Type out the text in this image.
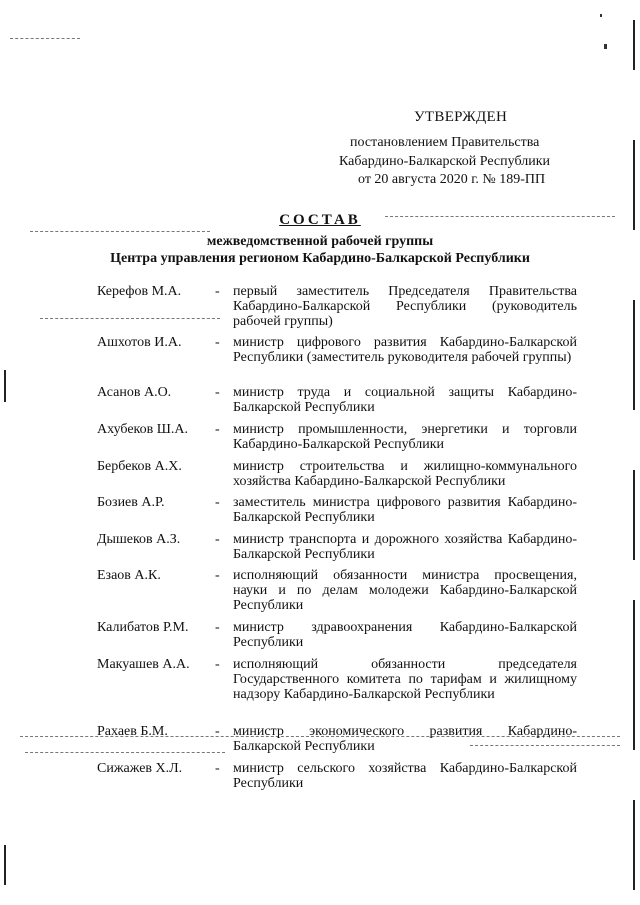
УТВЕРЖДЕН
постановлением Правительства
Кабардино-Балкарской Республики
от 20 августа 2020 г. № 189-ПП
СОСТАВ
межведомственной рабочей группы
Центра управления регионом Кабардино-Балкарской Республики
Керефов М.А. - первый заместитель Председателя Правительства Кабардино-Балкарской Республики (руководитель рабочей группы)
Ашхотов И.А. - министр цифрового развития Кабардино-Балкарской Республики (заместитель руководителя рабочей группы)
Асанов А.О.	- министр труда и социальной защиты Кабардино-Балкарской Республики
Ахубеков Ш.А. - министр промышленности, энергетики и торговли Кабардино-Балкарской Республики
Бербеков А.Х.	министр строительства и жилищно-коммунального хозяйства Кабардино-Балкарской Республики
Бозиев А.Р.	- заместитель министра цифрового развития Кабардино-Балкарской Республики
Дышеков А.З. - министр транспорта и дорожного хозяйства Кабардино-Балкарской Республики
Езаов А.К.	- исполняющий обязанности министра просвещения, науки и по делам молодежи Кабардино-Балкарской Республики
Калибатов Р.М. - министр здравоохранения Кабардино-Балкарской Республики
Макуашев А.А. - исполняющий обязанности председателя Государственного комитета по тарифам и жилищному надзору Кабардино-Балкарской Республики
Рахаев Б.М.	- министр экономического развития Кабардино-Балкарской Республики
Сижажев Х.Л. - министр сельского хозяйства Кабардино-Балкарской Республики
